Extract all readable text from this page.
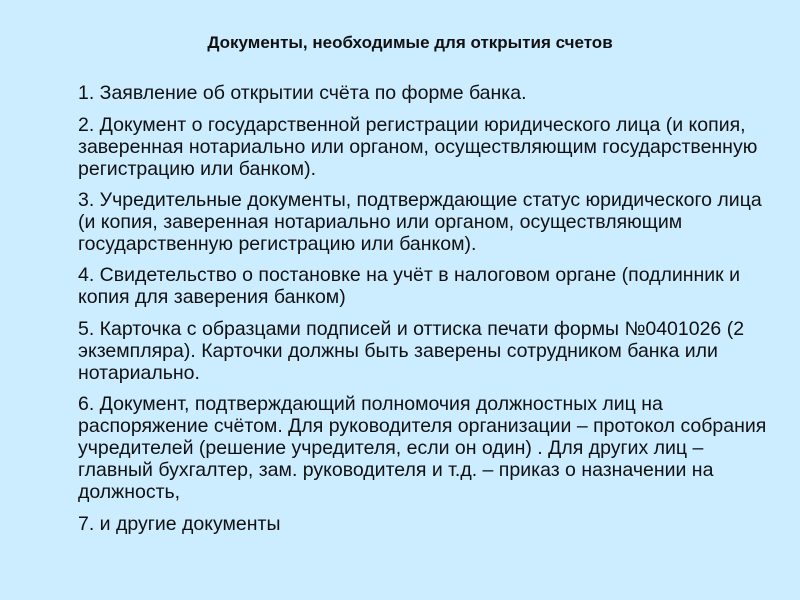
Документы, необходимые для открытия счетов
1. Заявление об открытии счёта по форме банка.
2. Документ о государственной регистрации юридического лица (и копия, заверенная нотариально или органом, осуществляющим государственную регистрацию или банком).
3. Учредительные документы, подтверждающие статус юридического лица (и копия, заверенная нотариально или органом, осуществляющим государственную регистрацию или банком).
4. Свидетельство о постановке на учёт в налоговом органе (подлинник и копия для заверения банком)
5. Карточка с образцами подписей и оттиска печати формы №0401026 (2 экземпляра). Карточки должны быть заверены сотрудником банка или нотариально.
6. Документ, подтверждающий полномочия должностных лиц на распоряжение счётом. Для руководителя организации – протокол собрания учредителей (решение учредителя, если он один) . Для других лиц – главный бухгалтер, зам. руководителя и т.д. – приказ о назначении на должность,
7. и другие документы
